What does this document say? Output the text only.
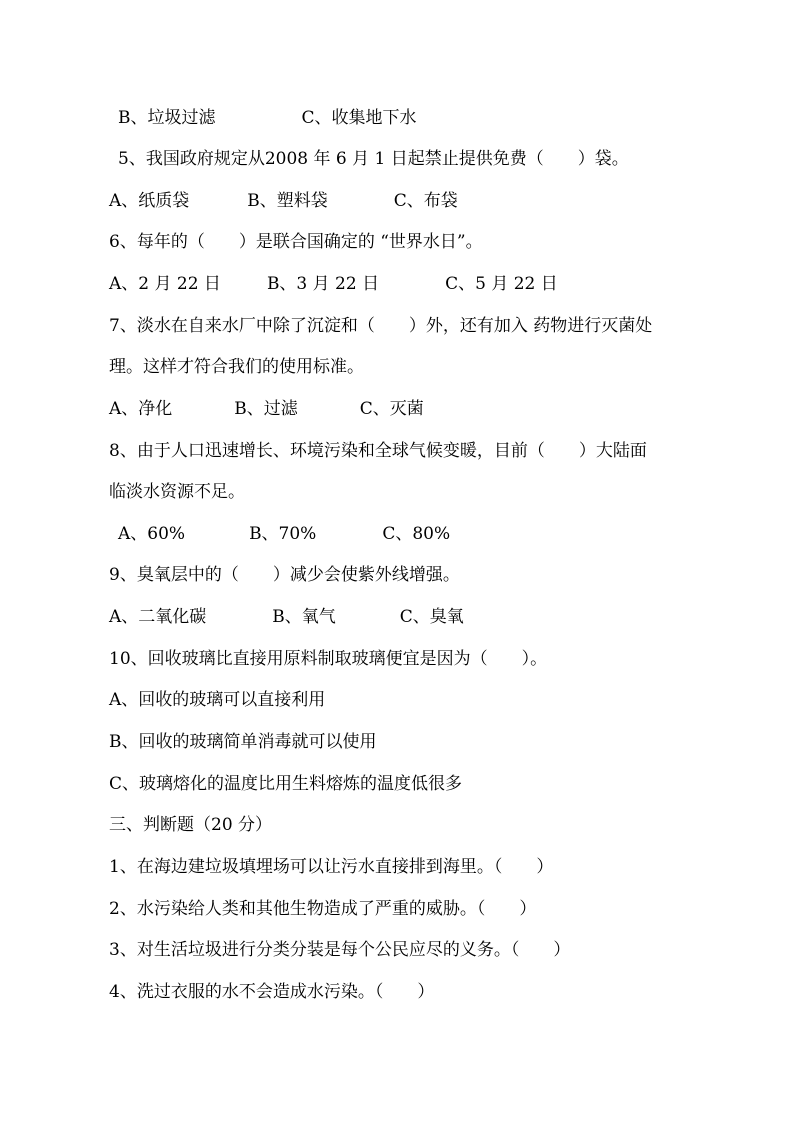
B、垃圾过滤	C、收集地下水
5、我国政府规定从2008 年 6 月 1 日起禁止提供免费（　　）袋。
A、纸质袋	B、塑料袋	C、布袋
6、每年的（　　）是联合国确定的 “世界水日”。
A、2 月 22 日	B、3 月 22 日	C、5 月 22 日
7、淡水在自来水厂中除了沉淀和（　　）外，还有加入 药物进行灭菌处
理。这样才符合我们的使用标准。
A、净化	B、过滤	C、灭菌
8、由于人口迅速增长、环境污染和全球气候变暖，目前（　　）大陆面
临淡水资源不足。
A、60%	B、70%	C、80%
9、臭氧层中的（　　）减少会使紫外线增强。
A、二氧化碳	B、氧气	C、臭氧
10、回收玻璃比直接用原料制取玻璃便宜是因为（　　）。
A、回收的玻璃可以直接利用
B、回收的玻璃简单消毒就可以使用
C、玻璃熔化的温度比用生料熔炼的温度低很多
三、判断题（20 分）
1、在海边建垃圾填埋场可以让污水直接排到海里。（　　）
2、水污染给人类和其他生物造成了严重的威胁。（　　）
3、对生活垃圾进行分类分装是每个公民应尽的义务。（　　）
4、洗过衣服的水不会造成水污染。（　　）
